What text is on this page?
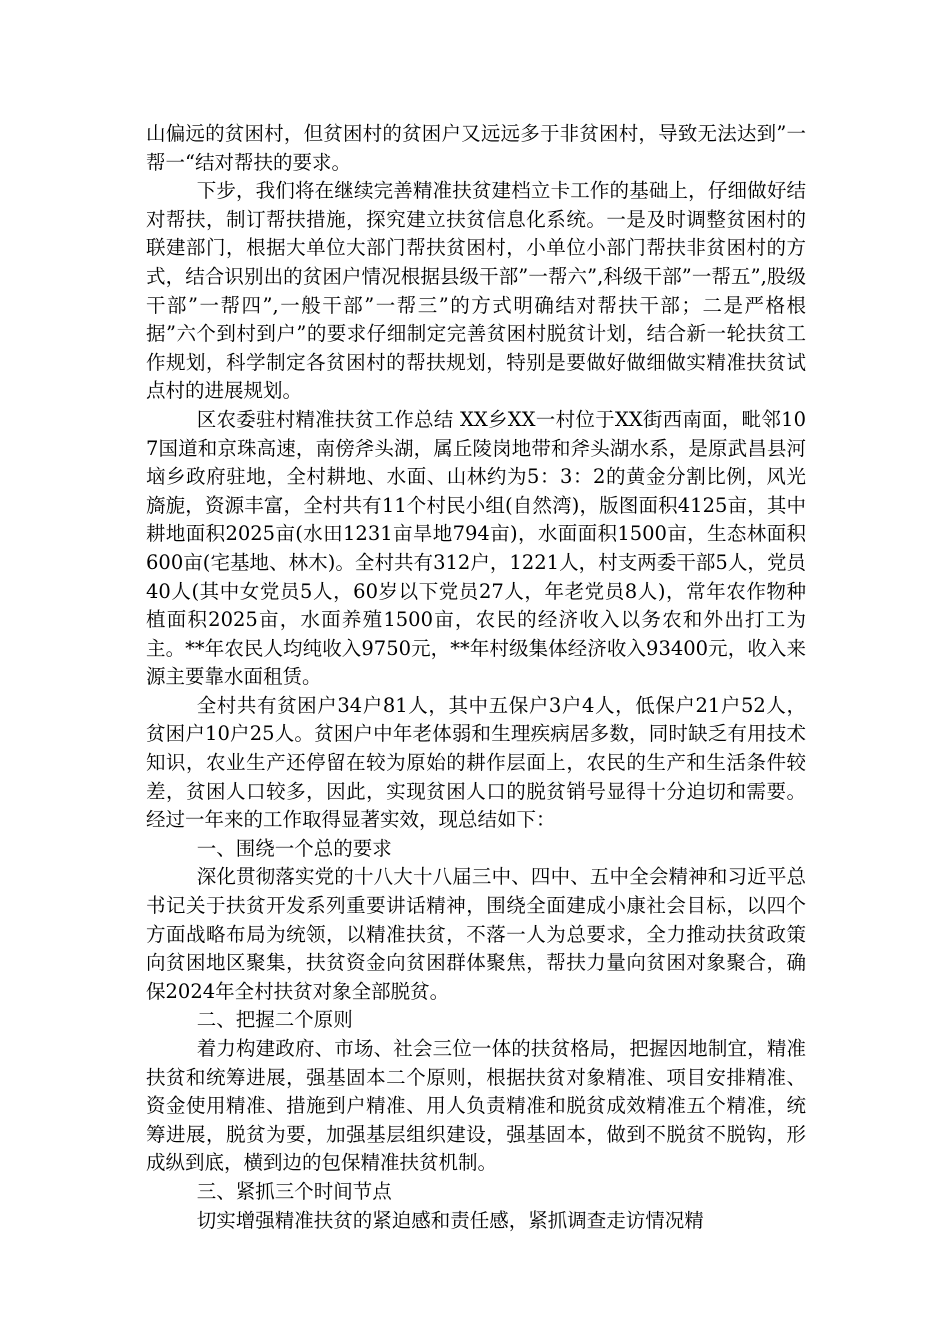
山偏远的贫困村，但贫困村的贫困户又远远多于非贫困村，导致无法达到”一帮一“结对帮扶的要求。

下步，我们将在继续完善精准扶贫建档立卡工作的基础上，仔细做好结对帮扶，制订帮扶措施，探究建立扶贫信息化系统。一是及时调整贫困村的联建部门，根据大单位大部门帮扶贫困村，小单位小部门帮扶非贫困村的方式，结合识别出的贫困户情况根据县级干部”一帮六”,科级干部”一帮五”,股级干部”一帮四”,一般干部”一帮三”的方式明确结对帮扶干部；二是严格根据”六个到村到户”的要求仔细制定完善贫困村脱贫计划，结合新一轮扶贫工作规划，科学制定各贫困村的帮扶规划，特别是要做好做细做实精准扶贫试点村的进展规划。

区农委驻村精准扶贫工作总结 XX乡XX一村位于XX街西南面，毗邻107国道和京珠高速，南傍斧头湖，属丘陵岗地带和斧头湖水系，是原武昌县河垴乡政府驻地，全村耕地、水面、山林约为5：3：2的黄金分割比例，风光旖旎，资源丰富，全村共有11个村民小组(自然湾)，版图面积4125亩，其中耕地面积2025亩(水田1231亩旱地794亩)，水面面积1500亩，生态林面积600亩(宅基地、林木)。全村共有312户，1221人，村支两委干部5人，党员40人(其中女党员5人，60岁以下党员27人，年老党员8人)，常年农作物种植面积2025亩，水面养殖1500亩，农民的经济收入以务农和外出打工为主。**年农民人均纯收入9750元，**年村级集体经济收入93400元，收入来源主要靠水面租赁。

全村共有贫困户34户81人，其中五保户3户4人，低保户21户52人，贫困户10户25人。贫困户中年老体弱和生理疾病居多数，同时缺乏有用技术知识，农业生产还停留在较为原始的耕作层面上，农民的生产和生活条件较差，贫困人口较多，因此，实现贫困人口的脱贫销号显得十分迫切和需要。经过一年来的工作取得显著实效，现总结如下：

一、围绕一个总的要求

深化贯彻落实党的十八大十八届三中、四中、五中全会精神和习近平总书记关于扶贫开发系列重要讲话精神，围绕全面建成小康社会目标，以四个方面战略布局为统领，以精准扶贫，不落一人为总要求，全力推动扶贫政策向贫困地区聚集，扶贫资金向贫困群体聚焦，帮扶力量向贫困对象聚合，确保2024年全村扶贫对象全部脱贫。

二、把握二个原则

着力构建政府、市场、社会三位一体的扶贫格局，把握因地制宜，精准扶贫和统筹进展，强基固本二个原则，根据扶贫对象精准、项目安排精准、资金使用精准、措施到户精准、用人负责精准和脱贫成效精准五个精准，统筹进展，脱贫为要，加强基层组织建设，强基固本，做到不脱贫不脱钩，形成纵到底，横到边的包保精准扶贫机制。

三、紧抓三个时间节点

切实增强精准扶贫的紧迫感和责任感，紧抓调查走访情况精
